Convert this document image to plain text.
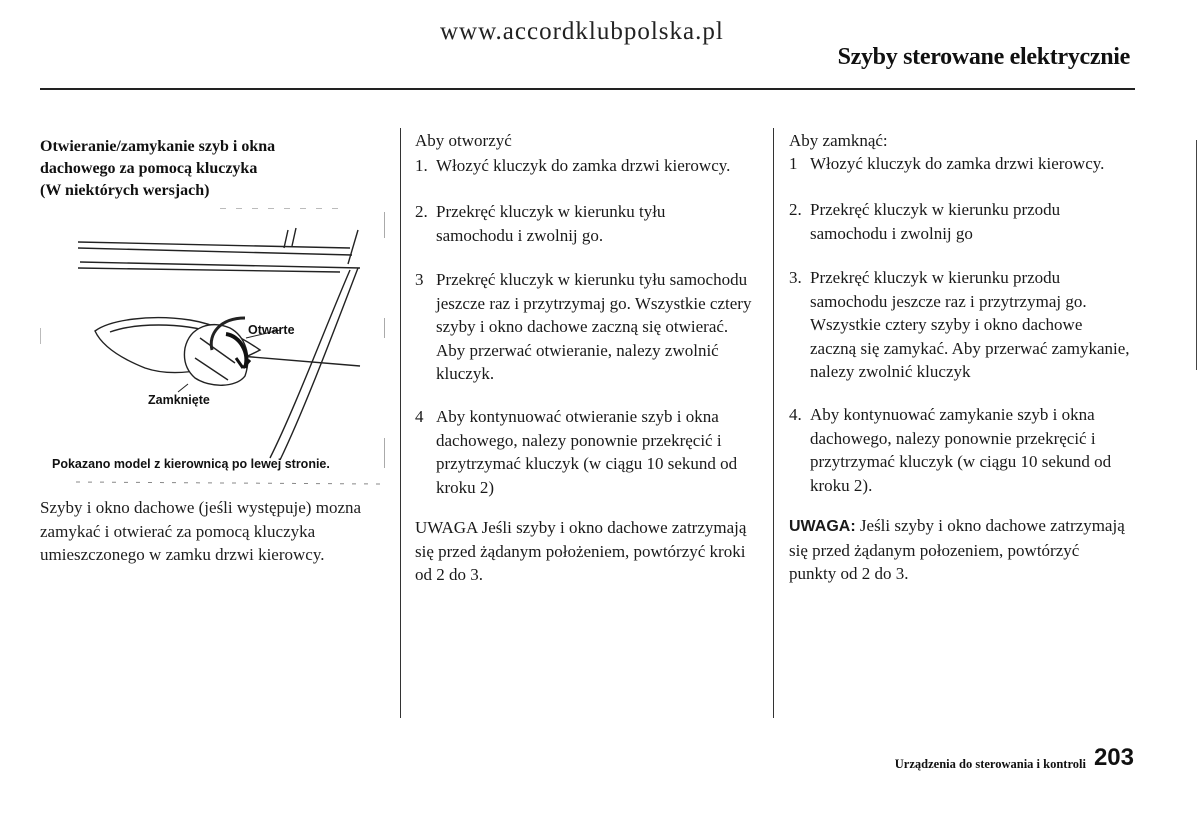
www.accordklubpolska.pl
Szyby sterowane elektrycznie
Otwieranie/zamykanie szyb i okna
dachowego za pomocą kluczyka
(W niektórych wersjach)
Otwarte
Zamknięte
Pokazano model z kierownicą po lewej stronie.
Szyby i okno dachowe (jeśli występuje) mozna zamykać i otwierać za pomocą kluczyka umieszczonego w zamku drzwi kierowcy.
Aby otworzyć
1. Włozyć kluczyk do zamka drzwi kierowcy.
2. Przekręć kluczyk w kierunku tyłu samochodu i zwolnij go.
3 Przekręć kluczyk w kierunku tyłu samochodu jeszcze raz i przytrzymaj go. Wszystkie cztery szyby i okno dachowe zaczną się otwierać. Aby przerwać otwieranie, nalezy zwolnić kluczyk.
4 Aby kontynuować otwieranie szyb i okna dachowego, nalezy ponownie przekręcić i przytrzymać kluczyk (w ciągu 10 sekund od kroku 2)
UWAGA Jeśli szyby i okno dachowe zatrzymają się przed żądanym położeniem, powtórzyć kroki od 2 do 3.
Aby zamknąć:
1 Włozyć kluczyk do zamka drzwi kierowcy.
2. Przekręć kluczyk w kierunku przodu samochodu i zwolnij go
3. Przekręć kluczyk w kierunku przodu samochodu jeszcze raz i przytrzymaj go. Wszystkie cztery szyby i okno dachowe zaczną się zamykać. Aby przerwać zamykanie, nalezy zwolnić kluczyk
4. Aby kontynuować zamykanie szyb i okna dachowego, nalezy ponownie przekręcić i przytrzymać kluczyk (w ciągu 10 sekund od kroku 2).
UWAGA: Jeśli szyby i okno dachowe zatrzymają się przed żądanym połozeniem, powtórzyć punkty od 2 do 3.
Urządzenia do sterowania i kontroli 203
